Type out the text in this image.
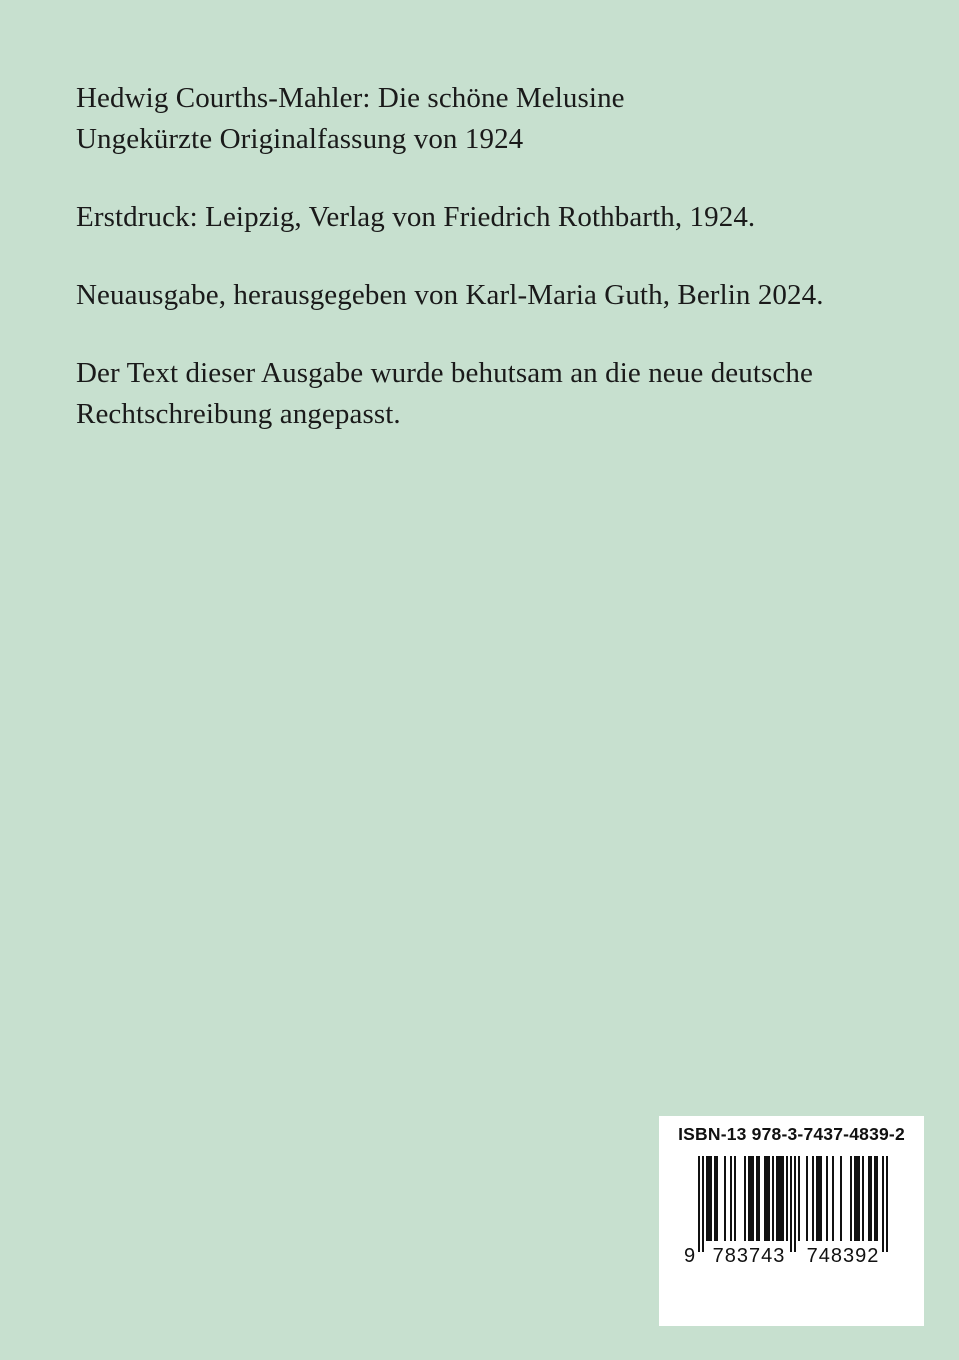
Hedwig Courths-Mahler: Die schöne Melusine
Ungekürzte Originalfassung von 1924

Erstdruck: Leipzig, Verlag von Friedrich Rothbarth, 1924.

Neuausgabe, herausgegeben von Karl-Maria Guth, Berlin 2024.

Der Text dieser Ausgabe wurde behutsam an die neue deutsche
Rechtschreibung angepasst.

ISBN-13 978-3-7437-4839-2
9 783743 748392
